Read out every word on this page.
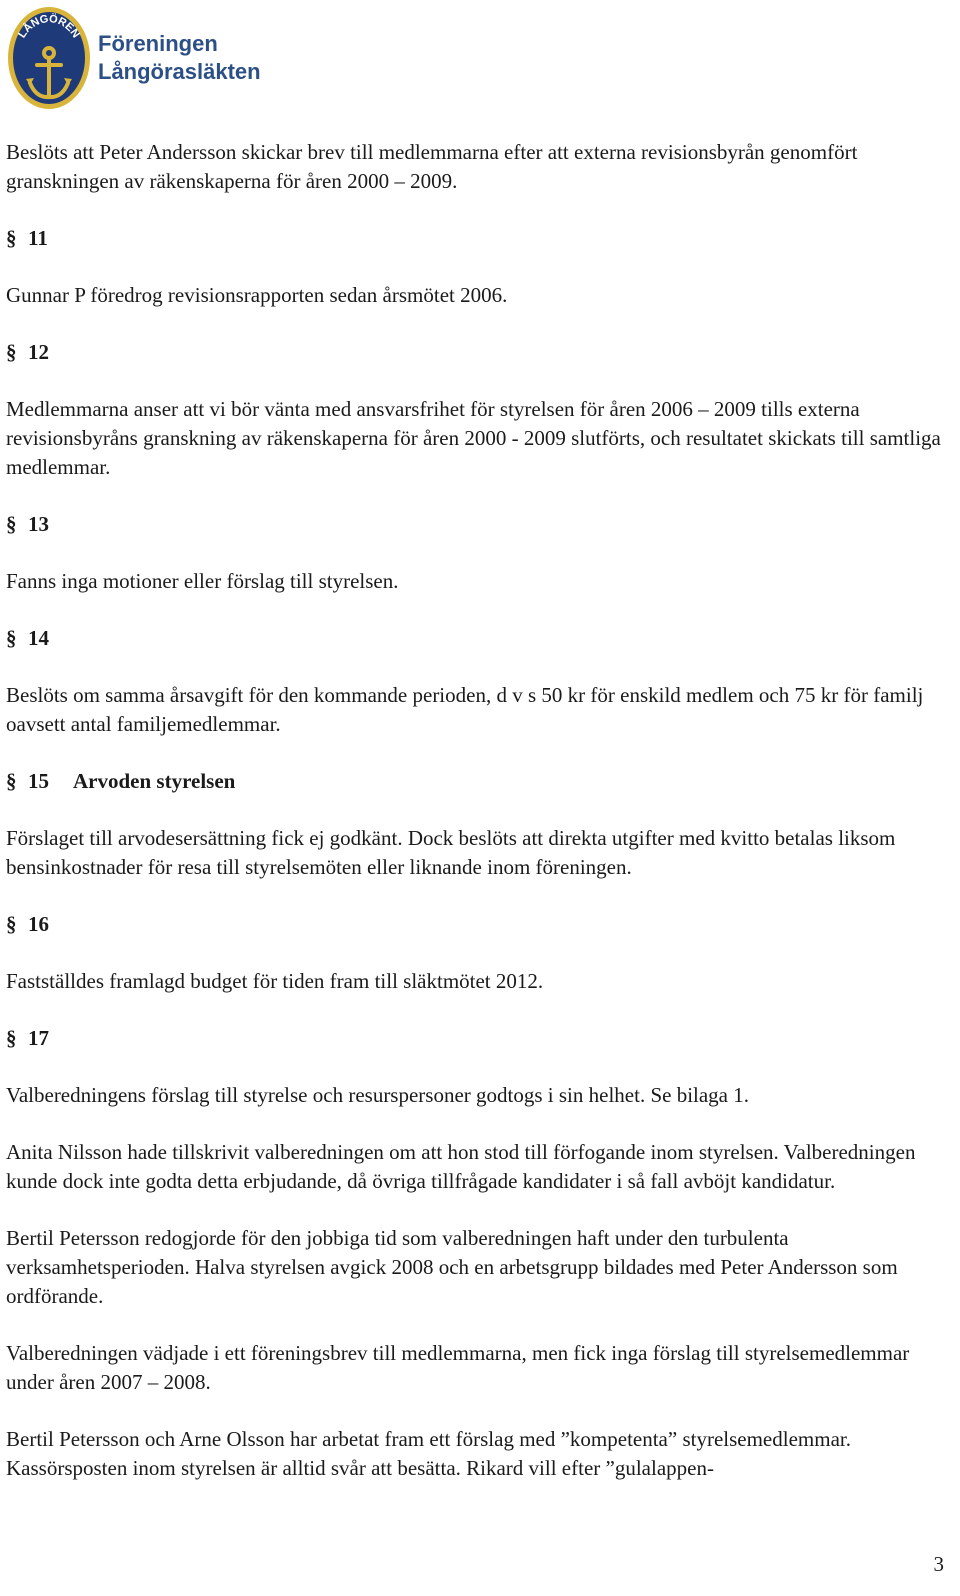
LÅNGÖREN Föreningen
Långörasläkten

Beslöts att Peter Andersson skickar brev till medlemmarna efter att externa revisionsbyrån genomfört granskningen av räkenskaperna för åren 2000 – 2009.

§ 11

Gunnar P föredrog revisionsrapporten sedan årsmötet 2006.

§ 12

Medlemmarna anser att vi bör vänta med ansvarsfrihet för styrelsen för åren 2006 – 2009 tills externa revisionsbyråns granskning av räkenskaperna för åren 2000 - 2009 slutförts, och resultatet skickats till samtliga medlemmar.

§ 13

Fanns inga motioner eller förslag till styrelsen.

§ 14

Beslöts om samma årsavgift för den kommande perioden, d v s 50 kr för enskild medlem och 75 kr för familj oavsett antal familjemedlemmar.

§ 15 Arvoden styrelsen

Förslaget till arvodesersättning fick ej godkänt. Dock beslöts att direkta utgifter med kvitto betalas liksom bensinkostnader för resa till styrelsemöten eller liknande inom föreningen.

§ 16

Fastställdes framlagd budget för tiden fram till släktmötet 2012.

§ 17

Valberedningens förslag till styrelse och resurspersoner godtogs i sin helhet. Se bilaga 1.

Anita Nilsson hade tillskrivit valberedningen om att hon stod till förfogande inom styrelsen. Valberedningen kunde dock inte godta detta erbjudande, då övriga tillfrågade kandidater i så fall avböjt kandidatur.

Bertil Petersson redogjorde för den jobbiga tid som valberedningen haft under den turbulenta verksamhetsperioden. Halva styrelsen avgick 2008 och en arbetsgrupp bildades med Peter Andersson som ordförande.

Valberedningen vädjade i ett föreningsbrev till medlemmarna, men fick inga förslag till styrelsemedlemmar under åren 2007 – 2008.

Bertil Petersson och Arne Olsson har arbetat fram ett förslag med ”kompetenta” styrelsemedlemmar. Kassörsposten inom styrelsen är alltid svår att besätta. Rikard vill efter ”gulalappen-

3
